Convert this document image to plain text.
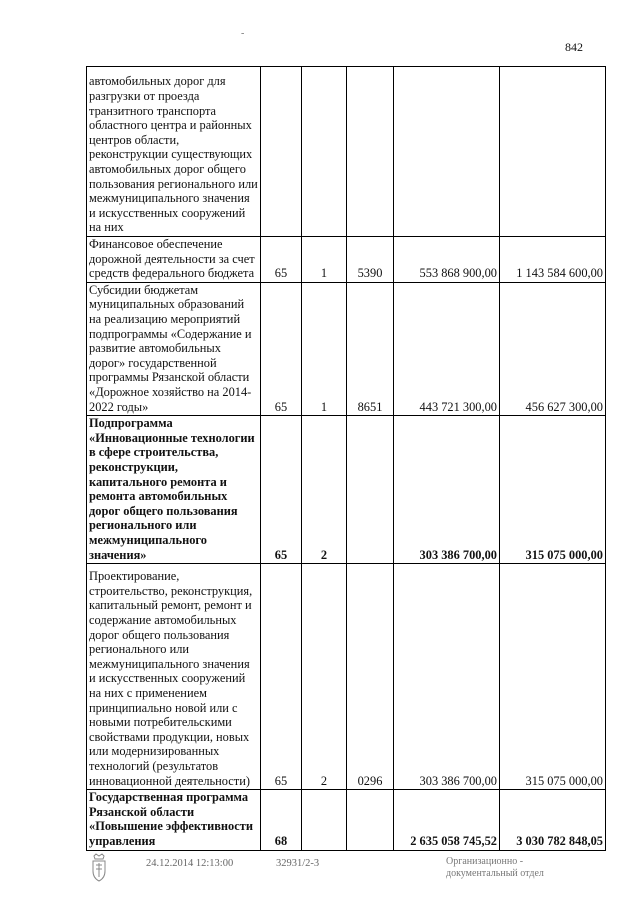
-
842
автомобильных дорог для разгрузки от проезда транзитного транспорта областного центра и районных центров области, реконструкции существующих автомобильных дорог общего пользования регионального или межмуниципального значения и искусственных сооружений на них					
Финансовое обеспечение дорожной деятельности за счет средств федерального бюджета	65	1	5390	553 868 900,00	1 143 584 600,00
Субсидии бюджетам муниципальных образований на реализацию мероприятий подпрограммы «Содержание и развитие автомобильных дорог» государственной программы Рязанской области «Дорожное хозяйство на 2014-2022 годы»	65	1	8651	443 721 300,00	456 627 300,00
Подпрограмма «Инновационные технологии в сфере строительства, реконструкции, капитального ремонта и ремонта автомобильных дорог общего пользования регионального или межмуниципального значения»	65	2		303 386 700,00	315 075 000,00
Проектирование, строительство, реконструкция, капитальный ремонт, ремонт и содержание автомобильных дорог общего пользования регионального или межмуниципального значения и искусственных сооружений на них с применением принципиально новой или с новыми потребительскими свойствами продукции, новых или модернизированных технологий (результатов инновационной деятельности)	65	2	0296	303 386 700,00	315 075 000,00
Государственная программа Рязанской области «Повышение эффективности управления	68			2 635 058 745,52	3 030 782 848,05
24.12.2014 12:13:00	32931/2-3	Организационно -
документальный отдел
